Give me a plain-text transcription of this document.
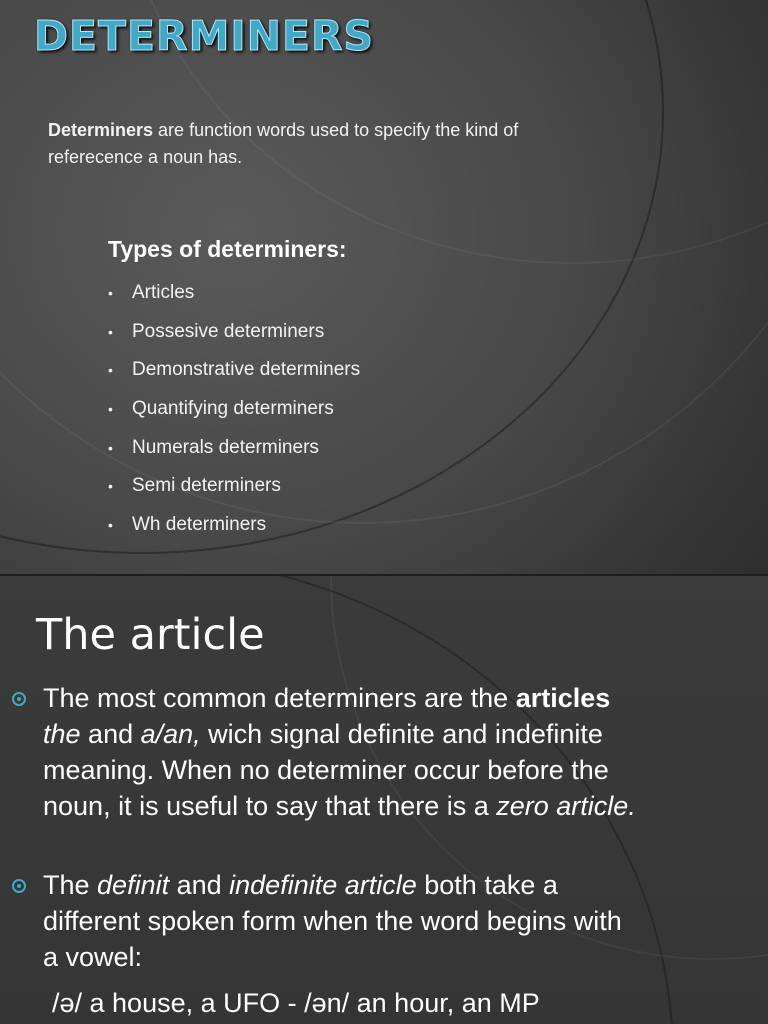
DETERMINERS

Determiners are function words used to specify the kind of referecence a noun has.

Types of determiners:
• Articles
• Possesive determiners
• Demonstrative determiners
• Quantifying determiners
• Numerals determiners
• Semi determiners
• Wh determiners
The article

The most common determiners are the articles the and a/an, wich signal definite and indefinite meaning. When no determiner occur before the noun, it is useful to say that there is a zero article.

The definit and indefinite article both take a different spoken form when the word begins with a vowel:

/ə/ a house, a UFO - /ən/ an hour, an MP
